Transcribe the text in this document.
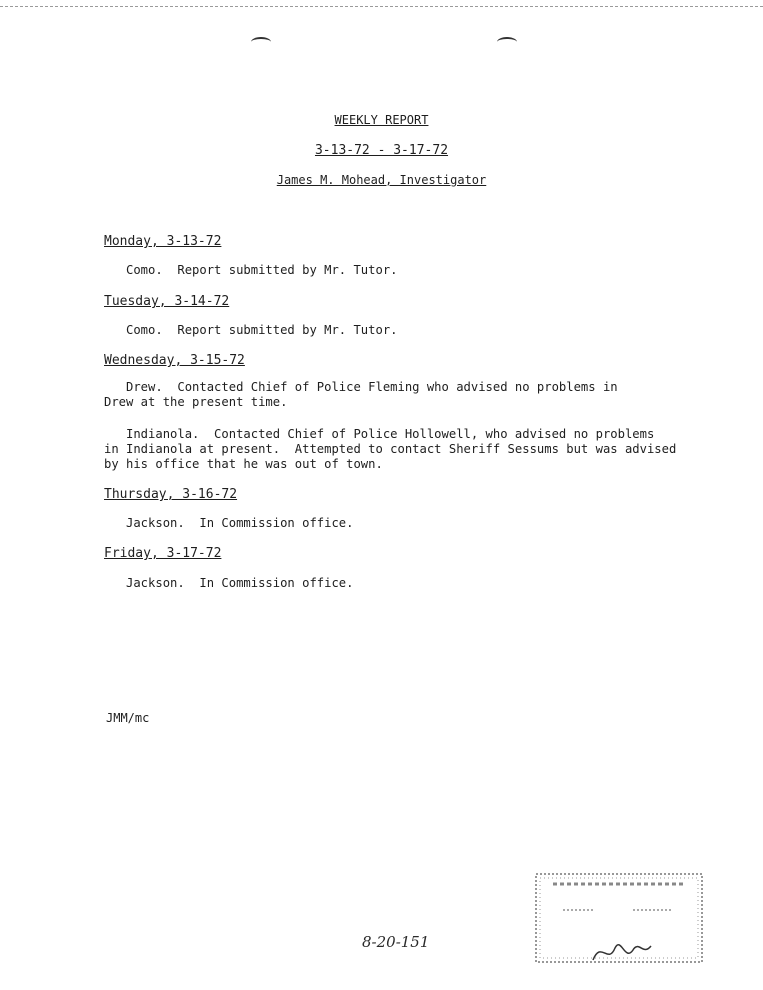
WEEKLY REPORT
3-13-72 - 3-17-72
James M. Mohead, Investigator
Monday, 3-13-72
Como.  Report submitted by Mr. Tutor.
Tuesday, 3-14-72
Como.  Report submitted by Mr. Tutor.
Wednesday, 3-15-72
Drew.  Contacted Chief of Police Fleming who advised no problems in
Drew at the present time.
Indianola.  Contacted Chief of Police Hollowell, who advised no problems
in Indianola at present.  Attempted to contact Sheriff Sessums but was advised
by his office that he was out of town.
Thursday, 3-16-72
Jackson.  In Commission office.
Friday, 3-17-72
Jackson.  In Commission office.
JMM/mc
8-20-151
